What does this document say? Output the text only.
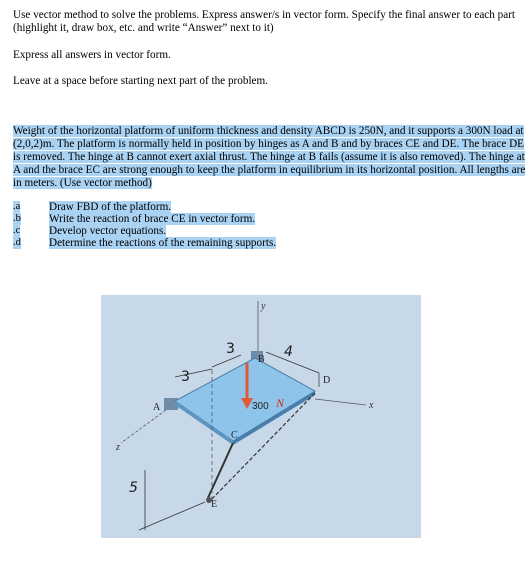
Use vector method to solve the problems. Express answer/s in vector form. Specify the final answer to each part
(highlight it, draw box, etc. and write “Answer” next to it)
Express all answers in vector form.
Leave at a space before starting next part of the problem.
Weight of the horizontal platform of uniform thickness and density ABCD is 250N, and it supports a 300N load at
(2,0,2)m. The platform is normally held in position by hinges as A and B and by braces CE and DE. The brace DE
is removed. The hinge at B cannot exert axial thrust. The hinge at B fails (assume it is also removed). The hinge at
A and the brace EC are strong enough to keep the platform in equilibrium in its horizontal position. All lengths are
in meters. (Use vector method)
.a	Draw FBD of the platform.
.b	Write the reaction of brace CE in vector form.
.c	Develop vector equations.
.d	Determine the reactions of the remaining supports.
y
x
z
300 N
A
B
C
D
E
3
3	4
5
